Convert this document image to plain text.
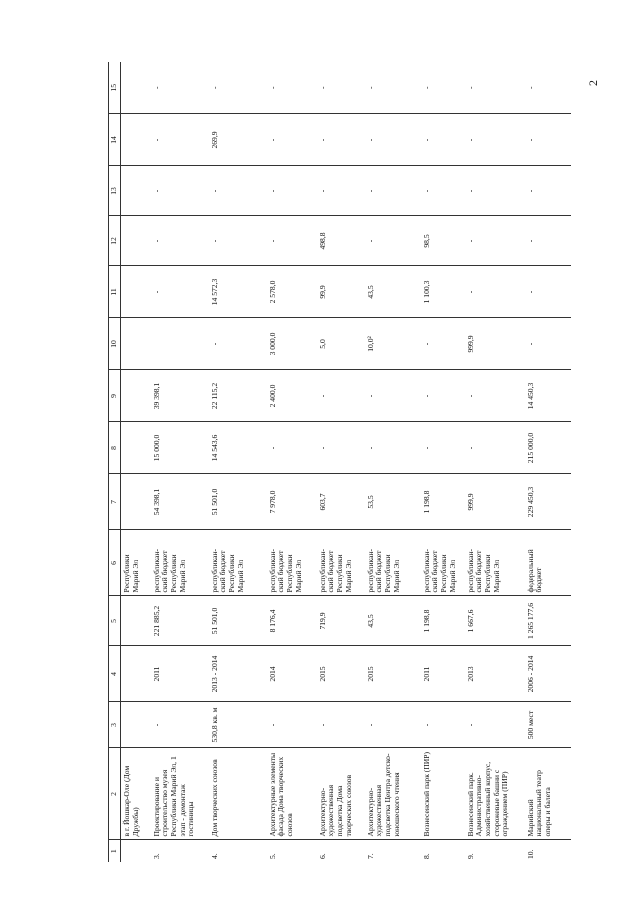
2
1	2	3	4	5	6	7	8	9	10	11	12	13	14	15
	в г. Йошкар-Оле (Дом Дружбы)				Республики Марий Эл									
3.	Проектирование и строительство музея Республики Марий Эл, 1 этап - демонтаж гостиницы	-	2011	221 885,2	республикан- ский бюджет Республики Марий Эл	54 398,1	15 000,0	39 398,1		-	-	-	-	-
4.	Дом творческих союзов	530,8 кв. м	2013 - 2014	51 501,0	республикан- ский бюджет Республики Марий Эл	51 501,0	14 543,6	22 115,2	-	14 572,3	-	-	269,9	-
5.	Архитектурные элементы фасада Дома творческих союзов	-	2014	8 176,4	республикан- ский бюджет Республики Марий Эл	7 978,0	-	2 400,0	3 000,0	2 578,0	-	-	-	-
6.	Архитектурно-художественная подсветка Дома творческих союзов	-	2015	719,9	республикан- ский бюджет Республики Марий Эл	603,7	-	-	5,0	99,9	498,8	-	-	-
7.	Архитектурно-художественная подсветка Центра детско-юношеского чтения	-	2015	43,5	республикан- ский бюджет Республики Марий Эл	53,5	-	-	10,0²	43,5	-	-	-	-
8.	Вознесенский парк (ПИР)	-	2011	1 198,8	республикан- ский бюджет Республики Марий Эл	1 198,8	-	-	-	1 100,3	98,5	-	-	-
9.	Вознесенский парк. Административно-хозяйственный корпус, сторожевые башни с ограждением (ПИР)	-	2013	1 667,6	республикан- ский бюджет Республики Марий Эл	999,9	-	-	999,9	-	-	-	-	-
10.	Марийский национальный театр оперы и балета	500 мест	2006 - 2014	1 265 177,6	федеральный бюджет	229 450,3	215 000,0	14 450,3	-	-	-	-	-	-
